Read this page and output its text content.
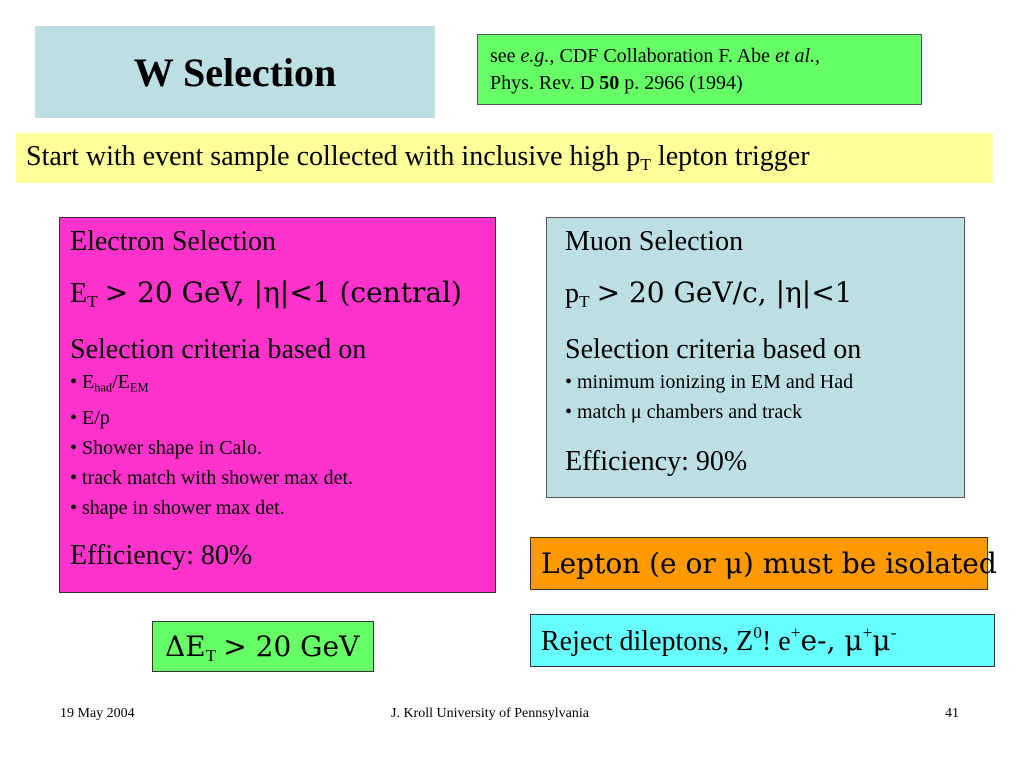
W Selection	see e.g., CDF Collaboration F. Abe et al.,
Phys. Rev. D 50 p. 2966 (1994)
Start with event sample collected with inclusive high $p_T$ lepton trigger
Electron Selection
$E_T > 20$ GeV, |η|<1 (central)
Selection criteria based on
• $E_{had}/E_{EM}$
• E/p
• Shower shape in Calo.
• track match with shower max det.
• shape in shower max det.
Efficiency: 80%
Muon Selection
$p_T > 20$ GeV/c, |η|<1
Selection criteria based on
• minimum ionizing in EM and Had
• match μ chambers and track
Efficiency: 90%
Lepton (e or μ) must be isolated
$\Delta E_T > 20$ GeV	Reject dileptons, $Z^0$! e+e-, μ+μ-
19 May 2004	J. Kroll University of Pennsylvania	41
